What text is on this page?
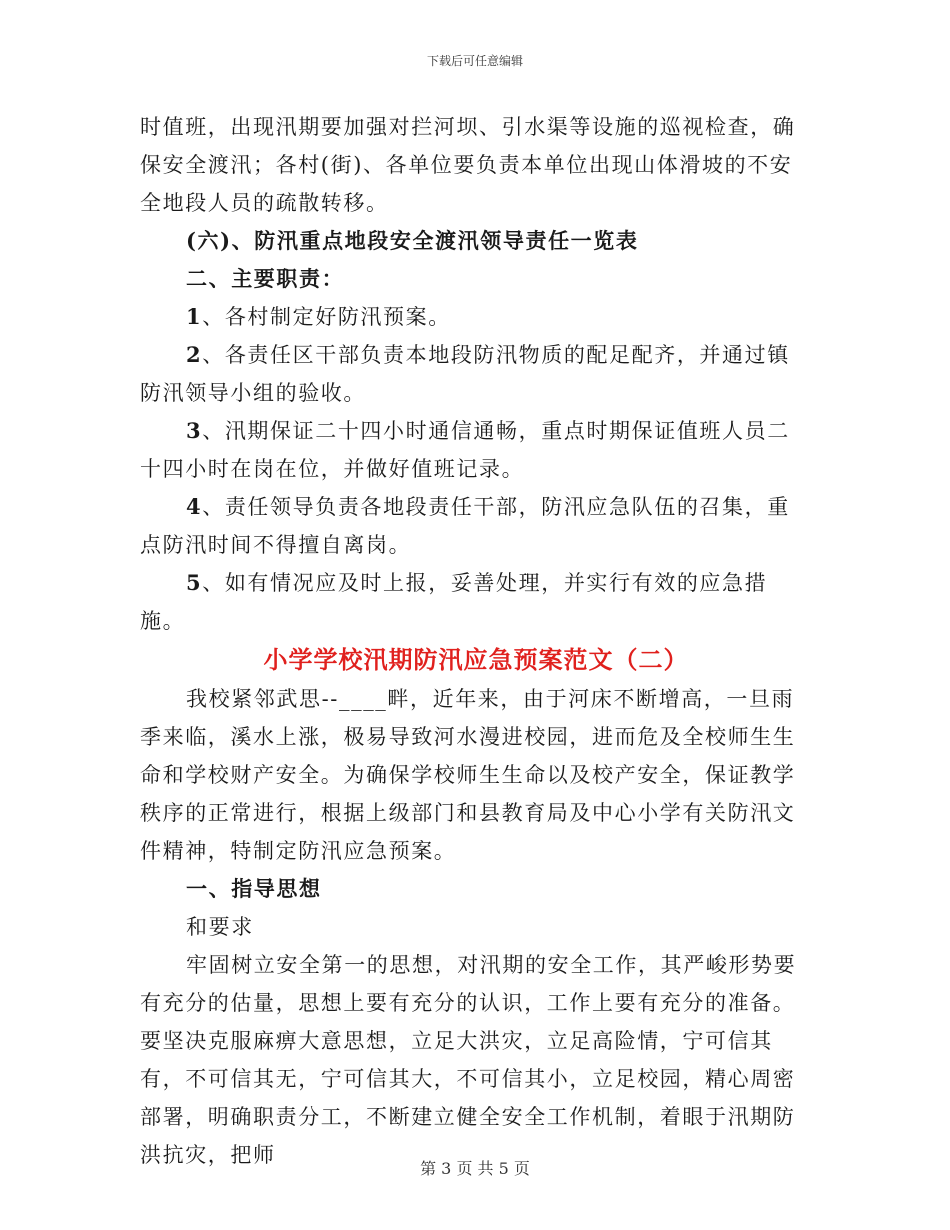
下载后可任意编辑

时值班，出现汛期要加强对拦河坝、引水渠等设施的巡视检查，确保安全渡汛；各村(街)、各单位要负责本单位出现山体滑坡的不安全地段人员的疏散转移。

(六)、防汛重点地段安全渡汛领导责任一览表

二、主要职责：

1、各村制定好防汛预案。

2、各责任区干部负责本地段防汛物质的配足配齐，并通过镇防汛领导小组的验收。

3、汛期保证二十四小时通信通畅，重点时期保证值班人员二十四小时在岗在位，并做好值班记录。

4、责任领导负责各地段责任干部，防汛应急队伍的召集，重点防汛时间不得擅自离岗。

5、如有情况应及时上报，妥善处理，并实行有效的应急措施。

小学学校汛期防汛应急预案范文（二）

我校紧邻武思--____畔，近年来，由于河床不断增高，一旦雨季来临，溪水上涨，极易导致河水漫进校园，进而危及全校师生生命和学校财产安全。为确保学校师生生命以及校产安全，保证教学秩序的正常进行，根据上级部门和县教育局及中心小学有关防汛文件精神，特制定防汛应急预案。

一、指导思想

和要求

牢固树立安全第一的思想，对汛期的安全工作，其严峻形势要有充分的估量，思想上要有充分的认识，工作上要有充分的准备。要坚决克服麻痹大意思想，立足大洪灾，立足高险情，宁可信其有，不可信其无，宁可信其大，不可信其小，立足校园，精心周密部署，明确职责分工，不断建立健全安全工作机制，着眼于汛期防洪抗灾，把师

第 3 页 共 5 页
